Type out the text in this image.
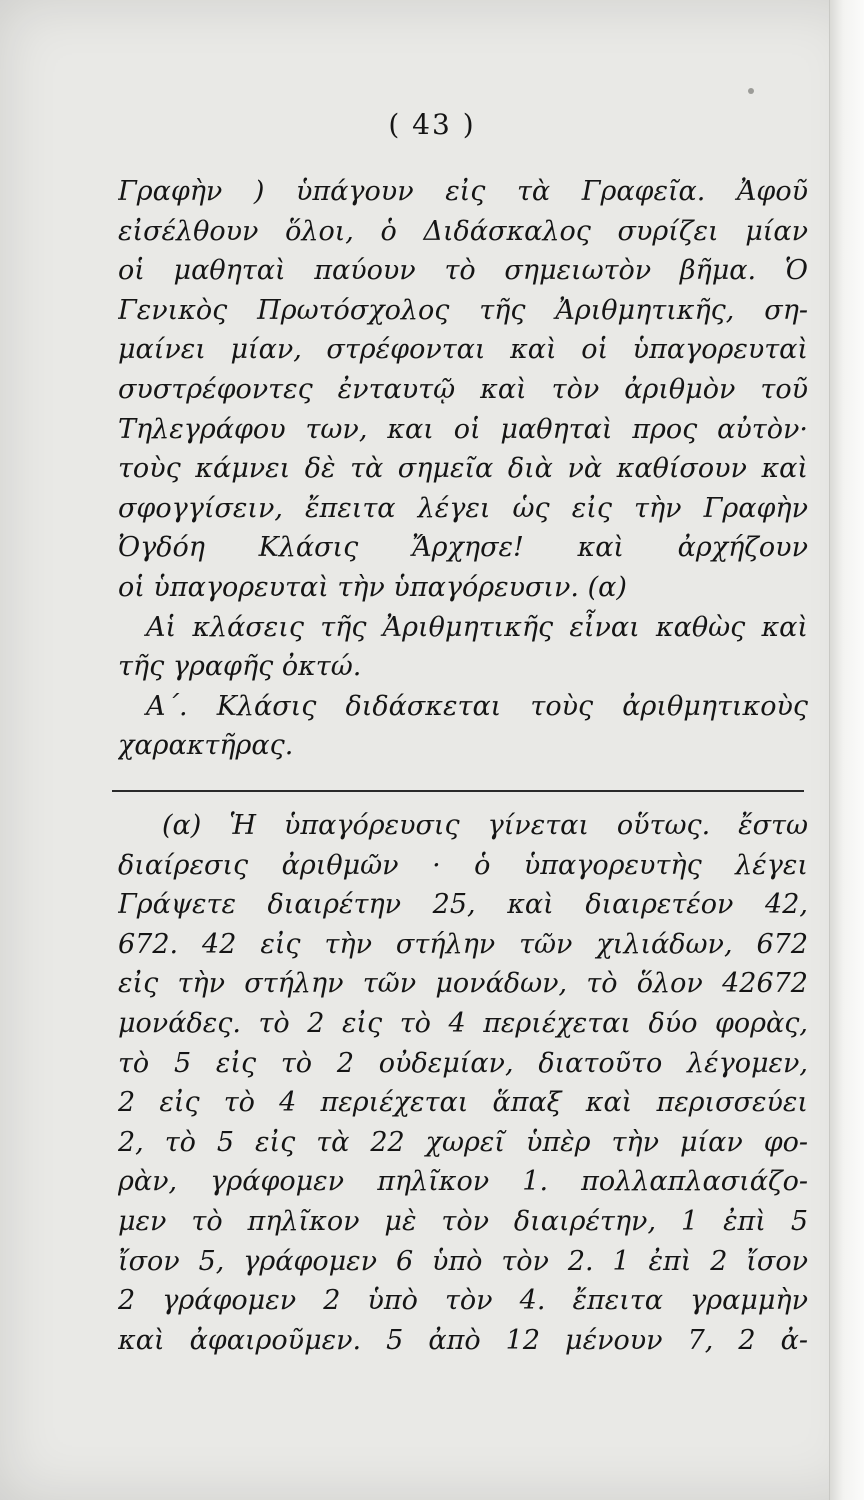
( 43 )
Γραφὴν ) ὑπάγουν εἰς τὰ Γραφεῖα. Ἀφοῦ
εἰσέλθουν ὅλοι, ὁ Διδάσκαλος συρίζει μίαν
οἱ μαθηταὶ παύουν τὸ σημειωτὸν βῆμα. Ὁ
Γενικὸς Πρωτόσχολος τῆς Ἀριθμητικῆς, ση-
μαίνει μίαν, στρέφονται καὶ οἱ ὑπαγορευταὶ
συστρέφοντες ἐνταυτῷ καὶ τὸν ἀριθμὸν τοῦ
Τηλεγράφου των, και οἱ μαθηταὶ προς αὐτὸν·
τοὺς κάμνει δὲ τὰ σημεῖα διὰ νὰ καθίσουν καὶ
σφογγίσειν, ἔπειτα λέγει ὡς εἰς τὴν Γραφὴν
Ὀγδόη Κλάσις Ἄρχησε! καὶ ἀρχήζουν
οἱ ὑπαγορευταὶ τὴν ὑπαγόρευσιν. (α)
Αἱ κλάσεις τῆς Ἀριθμητικῆς εἶναι καθὼς καὶ
τῆς γραφῆς ὀκτώ.
Α΄. Κλάσις διδάσκεται τοὺς ἀριθμητικοὺς
χαρακτῆρας.
(α) Ἡ ὑπαγόρευσις γίνεται οὕτως. ἔστω
διαίρεσις ἀριθμῶν · ὁ ὑπαγορευτὴς λέγει
Γράψετε διαιρέτην 25, καὶ διαιρετέον 42,
672. 42 εἰς τὴν στήλην τῶν χιλιάδων, 672
εἰς τὴν στήλην τῶν μονάδων, τὸ ὅλον 42672
μονάδες. τὸ 2 εἰς τὸ 4 περιέχεται δύο φορὰς,
τὸ 5 εἰς τὸ 2 οὐδεμίαν, διατοῦτο λέγομεν,
2 εἰς τὸ 4 περιέχεται ἅπαξ καὶ περισσεύει
2, τὸ 5 εἰς τὰ 22 χωρεῖ ὑπὲρ τὴν μίαν φο-
ρὰν, γράφομεν πηλῖκον 1. πολλαπλασιάζο-
μεν τὸ πηλῖκον μὲ τὸν διαιρέτην, 1 ἐπὶ 5
ἴσον 5, γράφομεν 6 ὑπὸ τὸν 2. 1 ἐπὶ 2 ἴσον
2 γράφομεν 2 ὑπὸ τὸν 4. ἔπειτα γραμμὴν
καὶ ἀφαιροῦμεν. 5 ἀπὸ 12 μένουν 7, 2 ἀ-
